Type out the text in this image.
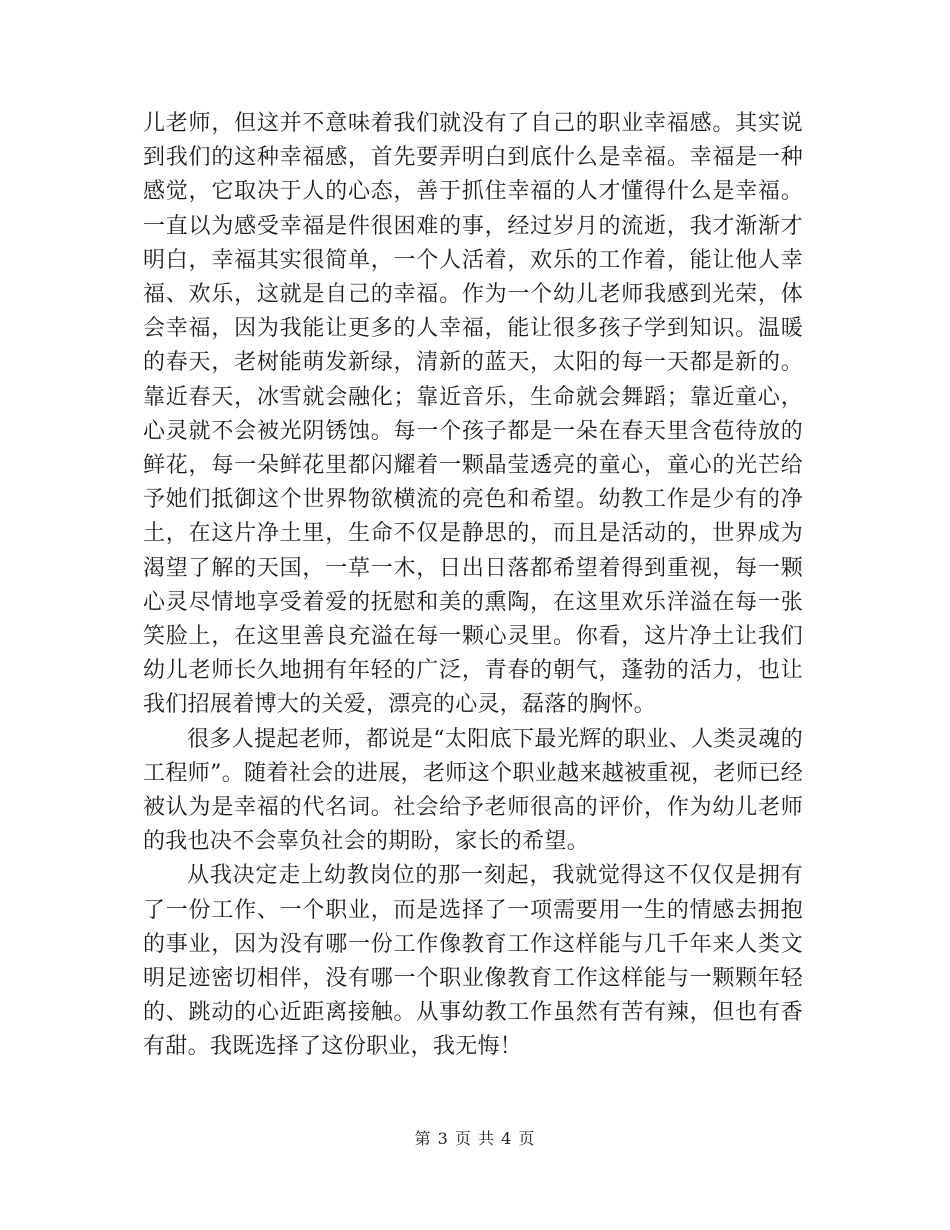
儿老师，但这并不意味着我们就没有了自己的职业幸福感。其实说到我们的这种幸福感，首先要弄明白到底什么是幸福。幸福是一种感觉，它取决于人的心态，善于抓住幸福的人才懂得什么是幸福。一直以为感受幸福是件很困难的事，经过岁月的流逝，我才渐渐才明白，幸福其实很简单，一个人活着，欢乐的工作着，能让他人幸福、欢乐，这就是自己的幸福。作为一个幼儿老师我感到光荣，体会幸福，因为我能让更多的人幸福，能让很多孩子学到知识。温暖的春天，老树能萌发新绿，清新的蓝天，太阳的每一天都是新的。靠近春天，冰雪就会融化；靠近音乐，生命就会舞蹈；靠近童心，心灵就不会被光阴锈蚀。每一个孩子都是一朵在春天里含苞待放的鲜花，每一朵鲜花里都闪耀着一颗晶莹透亮的童心，童心的光芒给予她们抵御这个世界物欲横流的亮色和希望。幼教工作是少有的净土，在这片净土里，生命不仅是静思的，而且是活动的，世界成为渴望了解的天国，一草一木，日出日落都希望着得到重视，每一颗心灵尽情地享受着爱的抚慰和美的熏陶，在这里欢乐洋溢在每一张笑脸上，在这里善良充溢在每一颗心灵里。你看，这片净土让我们幼儿老师长久地拥有年轻的广泛，青春的朝气，蓬勃的活力，也让我们招展着博大的关爱，漂亮的心灵，磊落的胸怀。

很多人提起老师，都说是“太阳底下最光辉的职业、人类灵魂的工程师”。随着社会的进展，老师这个职业越来越被重视，老师已经被认为是幸福的代名词。社会给予老师很高的评价，作为幼儿老师的我也决不会辜负社会的期盼，家长的希望。

从我决定走上幼教岗位的那一刻起，我就觉得这不仅仅是拥有了一份工作、一个职业，而是选择了一项需要用一生的情感去拥抱的事业，因为没有哪一份工作像教育工作这样能与几千年来人类文明足迹密切相伴，没有哪一个职业像教育工作这样能与一颗颗年轻的、跳动的心近距离接触。从事幼教工作虽然有苦有辣，但也有香有甜。我既选择了这份职业，我无悔！

第 3 页 共 4 页
